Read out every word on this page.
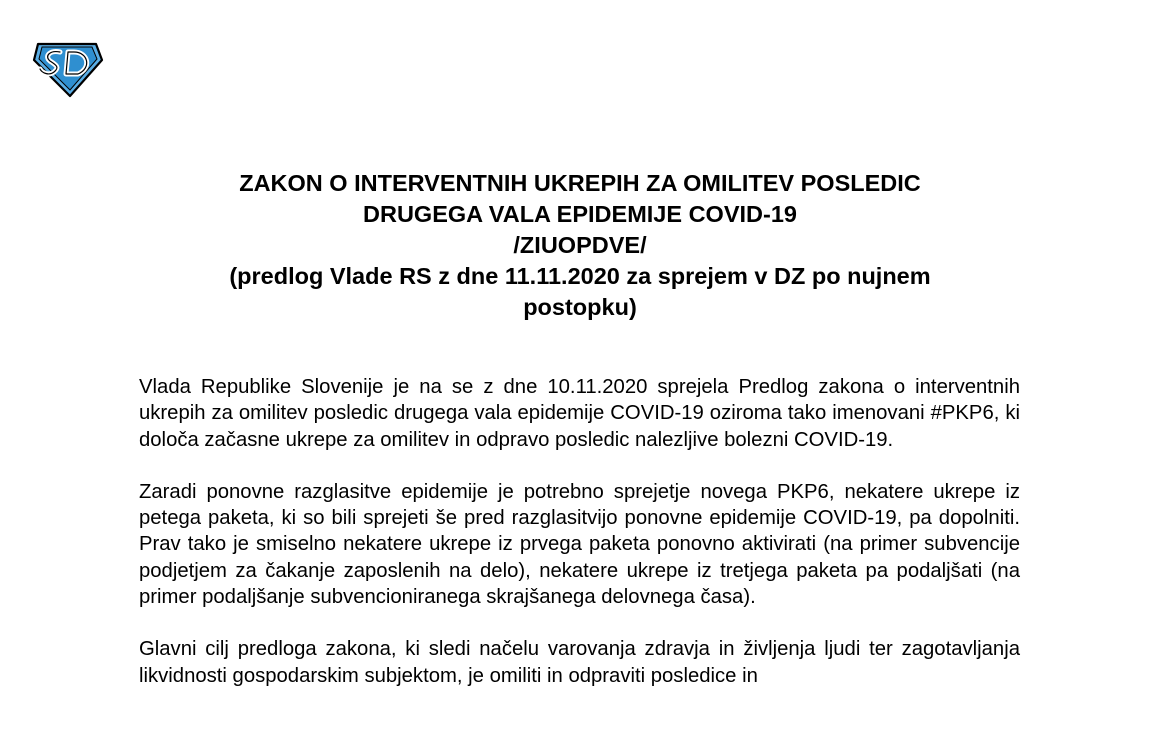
ZAKON O INTERVENTNIH UKREPIH ZA OMILITEV POSLEDIC
DRUGEGA VALA EPIDEMIJE COVID-19
/ZIUOPDVE/
(predlog Vlade RS z dne 11.11.2020 za sprejem v DZ po nujnem
postopku)

Vlada Republike Slovenije je na se z dne 10.11.2020 sprejela Predlog zakona o interventnih ukrepih za omilitev posledic drugega vala epidemije COVID-19 oziroma tako imenovani #PKP6, ki določa začasne ukrepe za omilitev in odpravo posledic nalezljive bolezni COVID-19.

Zaradi ponovne razglasitve epidemije je potrebno sprejetje novega PKP6, nekatere ukrepe iz petega paketa, ki so bili sprejeti še pred razglasitvijo ponovne epidemije COVID-19, pa dopolniti. Prav tako je smiselno nekatere ukrepe iz prvega paketa ponovno aktivirati (na primer subvencije podjetjem za čakanje zaposlenih na delo), nekatere ukrepe iz tretjega paketa pa podaljšati (na primer podaljšanje subvencioniranega skrajšanega delovnega časa).

Glavni cilj predloga zakona, ki sledi načelu varovanja zdravja in življenja ljudi ter zagotavljanja likvidnosti gospodarskim subjektom, je omiliti in odpraviti posledice in
